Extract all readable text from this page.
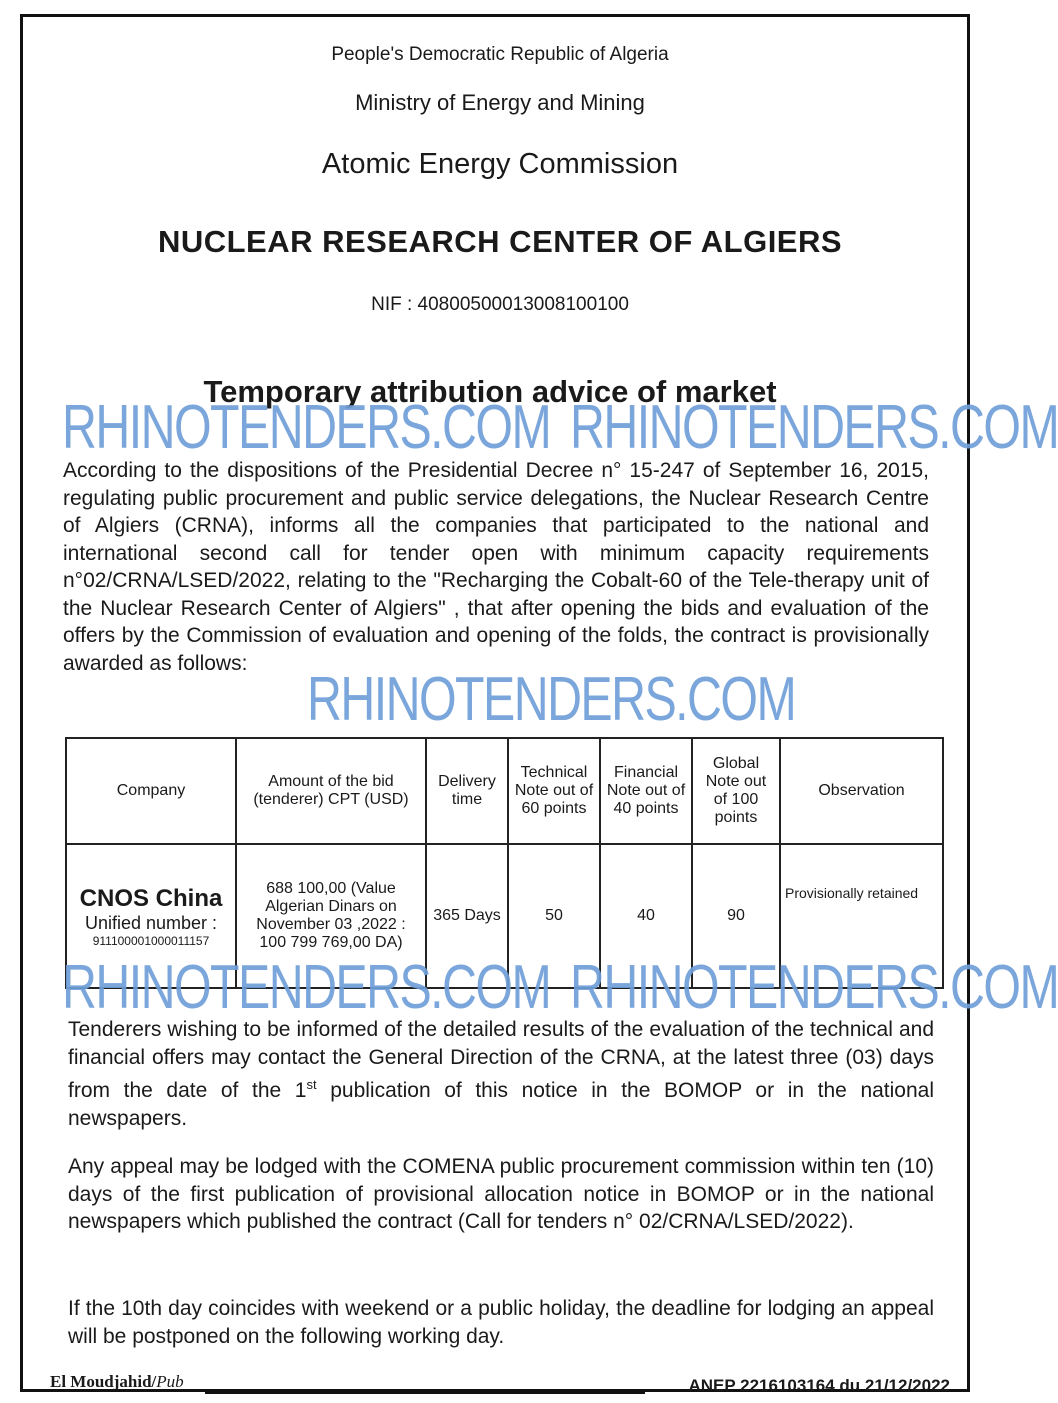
People's Democratic Republic of Algeria
Ministry of Energy and Mining
Atomic Energy Commission
NUCLEAR RESEARCH CENTER OF ALGIERS
NIF : 408005000130081001​00
Temporary attribution advice of market
According to the dispositions of the Presidential Decree n° 15-247 of September 16, 2015, regulating public procurement and public service delegations, the Nuclear Research Centre of Algiers (CRNA), informs all the companies that participated to the national and international second call for tender open with minimum capacity requirements n°02/CRNA/LSED/2022, relating to the "Recharging the Cobalt-60 of the Tele-therapy unit of the Nuclear Research Center of Algiers" , that after opening the bids and evaluation of the offers by the Commission of evaluation and opening of the folds, the contract is provisionally awarded as follows:
Company	Amount of the bid (tenderer) CPT (USD)	Delivery time	Technical Note out of 60 points	Financial Note out of 40 points	Global Note out of 100 points	Observation

CNOS China
Unified number :
911100001000011157	688 100,00 (Value Algerian Dinars on November 03 ,2022 : 100 799 769,00 DA)	365 Days	50	40	90	Provisionally retained
Tenderers wishing to be informed of the detailed results of the evaluation of the technical and financial offers may contact the General Direction of the CRNA, at the latest three (03) days from the date of the 1st publication of this notice in the BOMOP or in the national newspapers.
Any appeal may be lodged with the COMENA public procurement commission within ten (10) days of the first publication of provisional allocation notice in BOMOP or in the national newspapers which published the contract (Call for tenders n° 02/CRNA/LSED/2022).
If the 10th day coincides with weekend or a public holiday, the deadline for lodging an appeal will be postponed on the following working day.
RHINOTENDERS.COM RHINOTENDERS.COM
RHINOTENDERS.COM
RHINOTENDERS.COM RHINOTENDERS.COM
El Moudjahid/Pub	ANEP 2216103164 du 21/12/2022
